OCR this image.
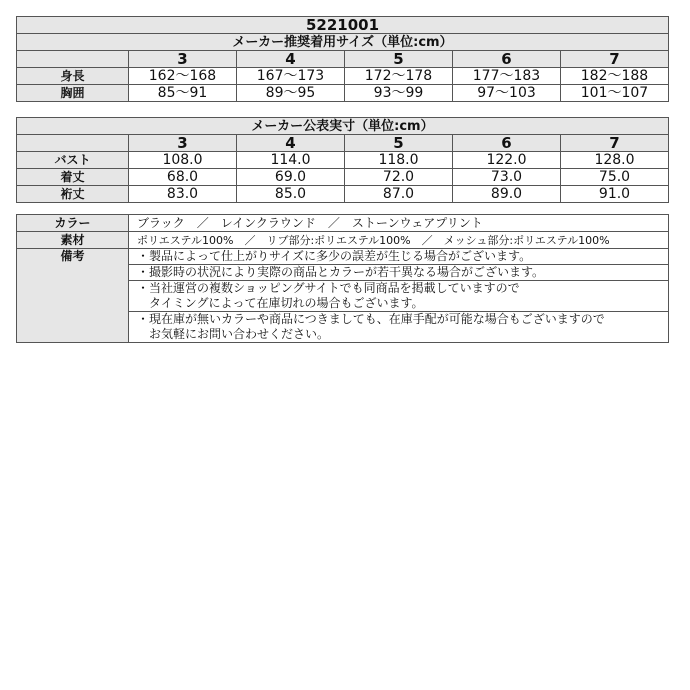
5221001					
メーカー推奨着用サイズ（単位:cm）					
	3	4	5	6	7
身長	162～168	167～173	172～178	177～183	182～188
胸囲	85～91	89～95	93～99	97～103	101～107
メーカー公表実寸（単位:cm）					
	3	4	5	6	7
バスト	108.0	114.0	118.0	122.0	128.0
着丈	68.0	69.0	72.0	73.0	75.0
裄丈	83.0	85.0	87.0	89.0	91.0
カラー	ブラック　／　レインクラウンド　／　ストーンウェアプリント
素材	ポリエステル100%　／　リブ部分:ポリエステル100%　／　メッシュ部分:ポリエステル100%
備考	・製品によって仕上がりサイズに多少の誤差が生じる場合がございます。

	・撮影時の状況により実際の商品とカラーが若干異なる場合がございます。

	・当社運営の複数ショッピングサイトでも同商品を掲載していますので
　タイミングによって在庫切れの場合もございます。

	・現在庫が無いカラーや商品につきましても、在庫手配が可能な場合もございますので
　お気軽にお問い合わせください。
